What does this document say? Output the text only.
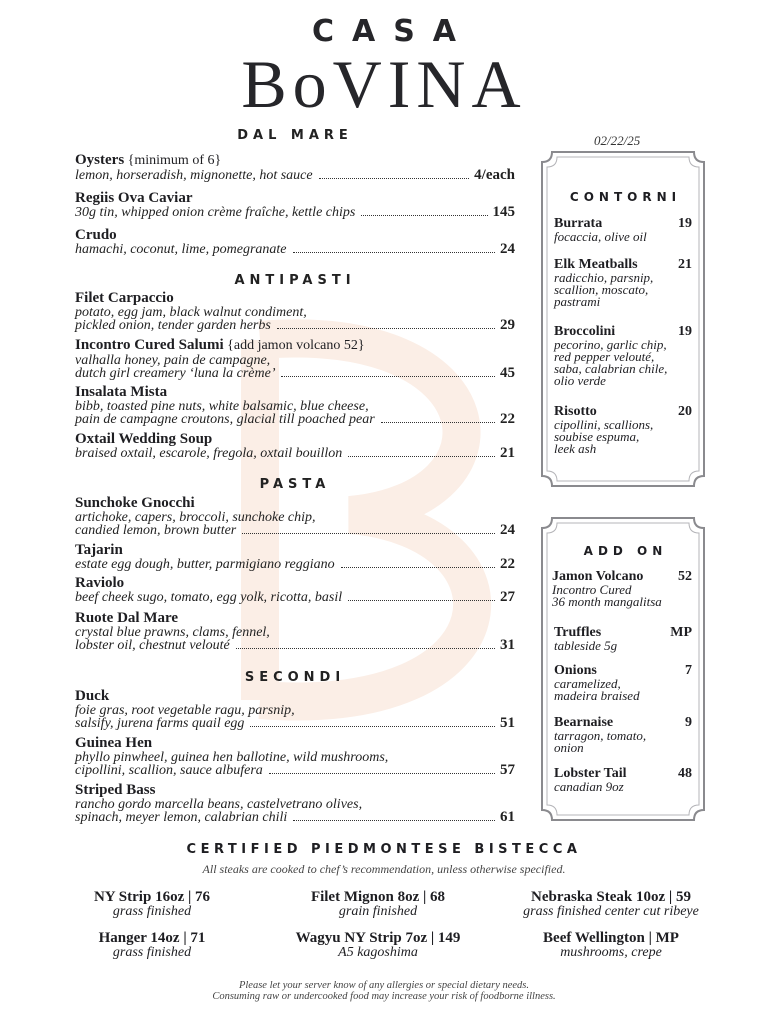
CASA
BoVINA
02/22/25
DAL MARE
Oysters {minimum of 6}
lemon, horseradish, mignonette, hot sauce	4/each
Regiis Ova Caviar
30g tin, whipped onion crème fraîche, kettle chips	145
Crudo
hamachi, coconut, lime, pomegranate	24
ANTIPASTI
Filet Carpaccio
potato, egg jam, black walnut condiment,
pickled onion, tender garden herbs	29
Incontro Cured Salumi {add jamon volcano 52}
valhalla honey, pain de campagne,
dutch girl creamery ‘luna la crème’	45
Insalata Mista
bibb, toasted pine nuts, white balsamic, blue cheese,
pain de campagne croutons, glacial till poached pear	22
Oxtail Wedding Soup
braised oxtail, escarole, fregola, oxtail bouillon	21
PASTA
Sunchoke Gnocchi
artichoke, capers, broccoli, sunchoke chip,
candied lemon, brown butter	24
Tajarin
estate egg dough, butter, parmigiano reggiano	22
Raviolo
beef cheek sugo, tomato, egg yolk, ricotta, basil	27
Ruote Dal Mare
crystal blue prawns, clams, fennel,
lobster oil, chestnut velouté	31
SECONDI
Duck
foie gras, root vegetable ragu, parsnip,
salsify, jurena farms quail egg	51
Guinea Hen
phyllo pinwheel, guinea hen ballotine, wild mushrooms,
cipollini, scallion, sauce albufera	57
Striped Bass
rancho gordo marcella beans, castelvetrano olives,
spinach, meyer lemon, calabrian chili	61
CONTORNI
Burrata	19
focaccia, olive oil
Elk Meatballs	21
radicchio, parsnip,
scallion, moscato,
pastrami
Broccolini	19
pecorino, garlic chip,
red pepper velouté,
saba, calabrian chile,
olio verde
Risotto	20
cipollini, scallions,
soubise espuma,
leek ash
ADD ON
Jamon Volcano 52
Incontro Cured
36 month mangalitsa
Truffles	MP
tableside 5g
Onions	7
caramelized,
madeira braised
Bearnaise	9
tarragon, tomato,
onion
Lobster Tail	48
canadian 9oz
CERTIFIED PIEDMONTESE BISTECCA
All steaks are cooked to chef’s recommendation, unless otherwise specified.
NY Strip 16oz | 76
grass finished
Filet Mignon 8oz | 68
grain finished
Nebraska Steak 10oz | 59
grass finished center cut ribeye
Hanger 14oz | 71
grass finished
Wagyu NY Strip 7oz | 149
A5 kagoshima
Beef Wellington | MP
mushrooms, crepe
Please let your server know of any allergies or special dietary needs.
Consuming raw or undercooked food may increase your risk of foodborne illness.
